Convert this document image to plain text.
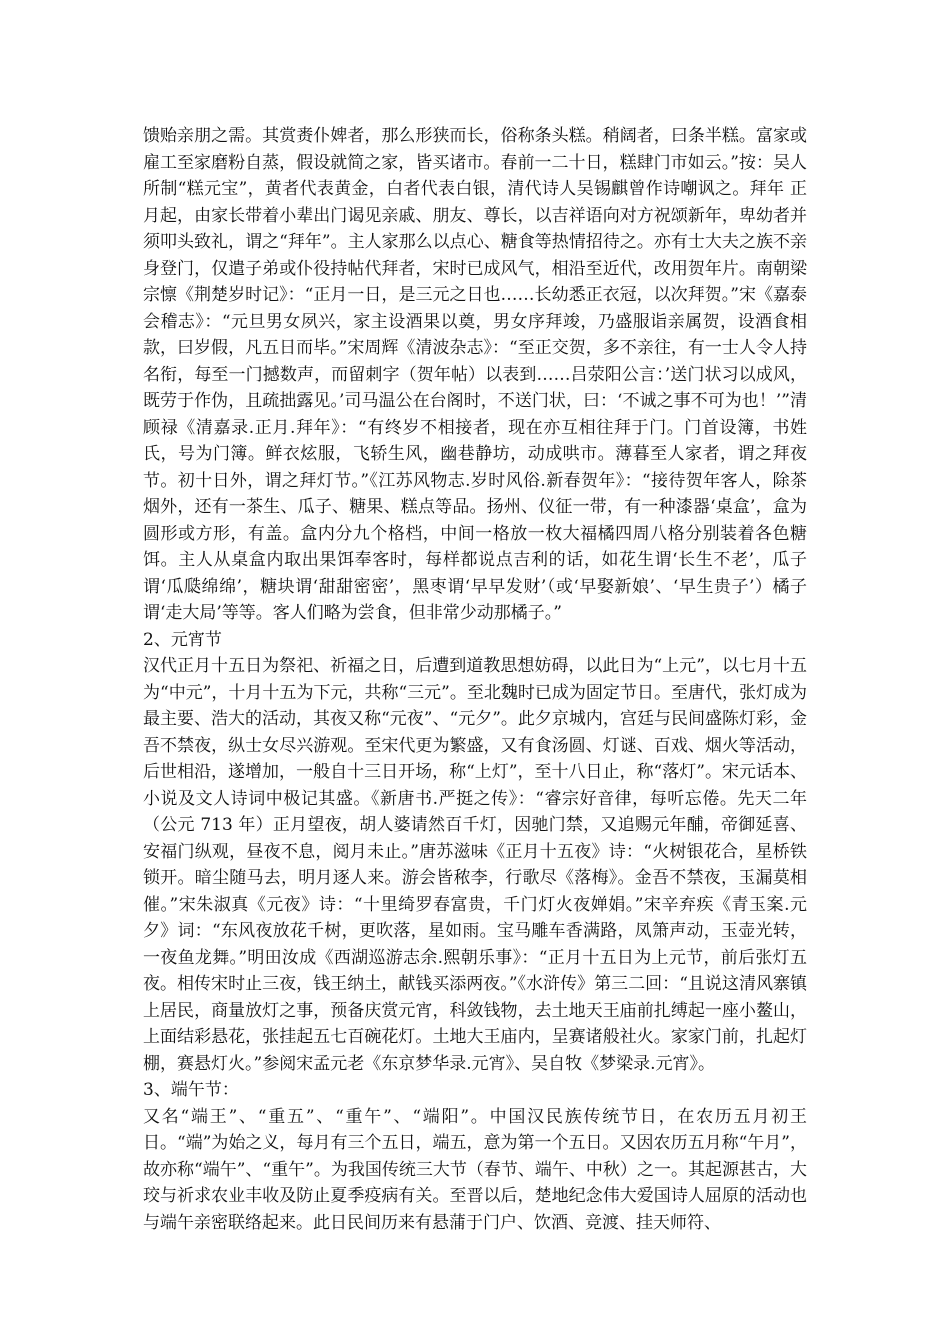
馈贻亲朋之需。其赏赉仆婢者，那么形狭而长，俗称条头糕。稍阔者，曰条半糕。富家或雇工至家磨粉自蒸，假设就简之家，皆买诸市。春前一二十日，糕肆门市如云。”按：吴人所制“糕元宝”，黄者代表黄金，白者代表白银，清代诗人吴锡麒曾作诗嘲讽之。拜年 正月起，由家长带着小辈出门谒见亲戚、朋友、尊长，以吉祥语向对方祝颂新年，卑幼者并须叩头致礼，谓之“拜年”。主人家那么以点心、糖食等热情招待之。亦有士大夫之族不亲身登门，仅遣子弟或仆役持帖代拜者，宋时已成风气，相沿至近代，改用贺年片。南朝梁宗懔《荆楚岁时记》：“正月一日，是三元之日也……长幼悉正衣冠，以次拜贺。”宋《嘉泰会稽志》：“元旦男女夙兴，家主设酒果以奠，男女序拜竣，乃盛服诣亲属贺，设酒食相款，曰岁假，凡五日而毕。”宋周辉《清波杂志》：“至正交贺，多不亲往，有一士人令人持名衔，每至一门撼数声，而留刺字（贺年帖）以表到……吕荥阳公言：’送门状习以成风，既劳于作伪，且疏拙露见。’司马温公在台阁时，不送门状，曰：‘不诚之事不可为也！’”清顾禄《清嘉录.正月.拜年》：“有终岁不相接者，现在亦互相往拜于门。门首设簿，书姓氏，号为门簿。鲜衣炫服，飞轿生风，幽巷静坊，动成哄市。薄暮至人家者，谓之拜夜节。初十日外，谓之拜灯节。”《江苏风物志.岁时风俗.新春贺年》：“接待贺年客人，除茶烟外，还有一茶生、瓜子、糖果、糕点等品。扬州、仪征一带，有一种漆器‘桌盒’，盒为圆形或方形，有盖。盒内分九个格档，中间一格放一枚大福橘四周八格分别装着各色糖饵。主人从桌盒内取出果饵奉客时，每样都说点吉利的话，如花生谓‘长生不老’，瓜子谓‘瓜瓞绵绵’，糖块谓‘甜甜密密’，黑枣谓‘早早发财’（或‘早娶新娘’、‘早生贵子’）橘子谓‘走大局’等等。客人们略为尝食，但非常少动那橘子。”

2、元宵节

汉代正月十五日为祭祀、祈福之日，后遭到道教思想妨碍，以此日为“上元”，以七月十五为“中元”，十月十五为下元，共称“三元”。至北魏时已成为固定节日。至唐代，张灯成为最主要、浩大的活动，其夜又称“元夜”、“元夕”。此夕京城内，宫廷与民间盛陈灯彩，金吾不禁夜，纵士女尽兴游观。至宋代更为繁盛，又有食汤圆、灯谜、百戏、烟火等活动，后世相沿，遂增加，一般自十三日开场，称“上灯”，至十八日止，称“落灯”。宋元话本、小说及文人诗词中极记其盛。《新唐书.严挺之传》：“睿宗好音律，每听忘倦。先天二年（公元 713 年）正月望夜，胡人婆请然百千灯，因驰门禁，又追赐元年酺，帝御延喜、安福门纵观，昼夜不息，阅月未止。”唐苏滋味《正月十五夜》诗：“火树银花合，星桥铁锁开。暗尘随马去，明月逐人来。游会皆秾李，行歌尽《落梅》。金吾不禁夜，玉漏莫相催。”宋朱淑真《元夜》诗：“十里绮罗春富贵，千门灯火夜婵娟。”宋辛弃疾《青玉案.元夕》词：“东风夜放花千树，更吹落，星如雨。宝马雕车香满路，凤箫声动，玉壶光转，一夜鱼龙舞。”明田汝成《西湖巡游志余.熙朝乐事》：“正月十五日为上元节，前后张灯五夜。相传宋时止三夜，钱王纳土，献钱买添两夜。”《水浒传》第三二回：“且说这清风寨镇上居民，商量放灯之事，预备庆赏元宵，科敛钱物，去土地天王庙前扎缚起一座小鳌山，上面结彩悬花，张挂起五七百碗花灯。土地大王庙内，呈赛诸般社火。家家门前，扎起灯棚，赛悬灯火。”参阅宋孟元老《东京梦华录.元宵》、吴自牧《梦梁录.元宵》。

3、端午节：

又名“端王”、“重五”、“重午”、“端阳”。中国汉民族传统节日，在农历五月初王日。“端”为始之义，每月有三个五日，端五，意为第一个五日。又因农历五月称“午月”，故亦称“端午”、“重午”。为我国传统三大节（春节、端午、中秋）之一。其起源甚古，大珓与祈求农业丰收及防止夏季疫病有关。至晋以后，楚地纪念伟大爱国诗人屈原的活动也与端午亲密联络起来。此日民间历来有悬蒲于门户、饮酒、竞渡、挂天师符、
